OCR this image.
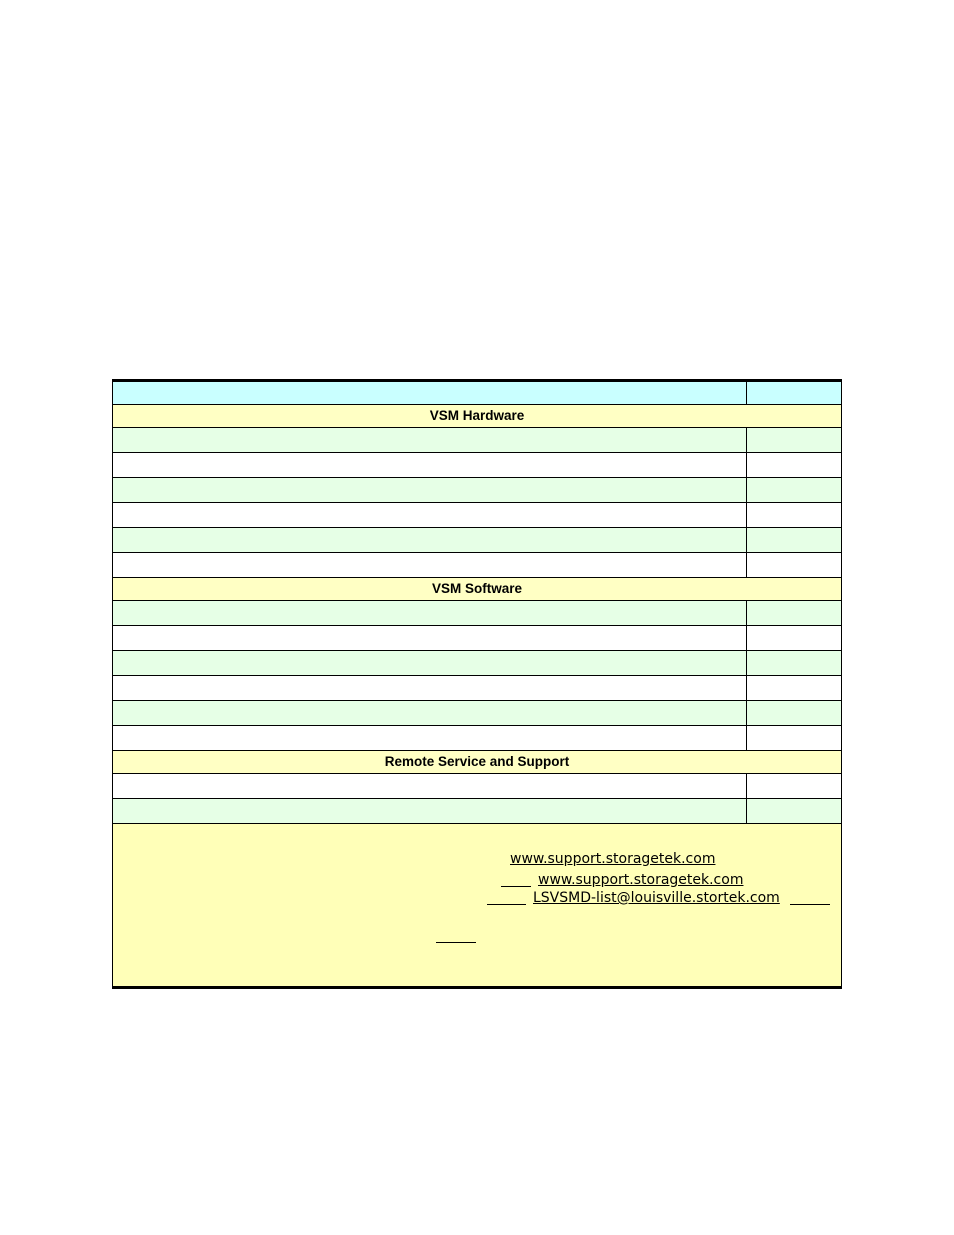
VSM Hardware
VSM Software
Remote Service and Support
www.support.storagetek.com
www.support.storagetek.com
LSVSMD-list@louisville.stortek.com
